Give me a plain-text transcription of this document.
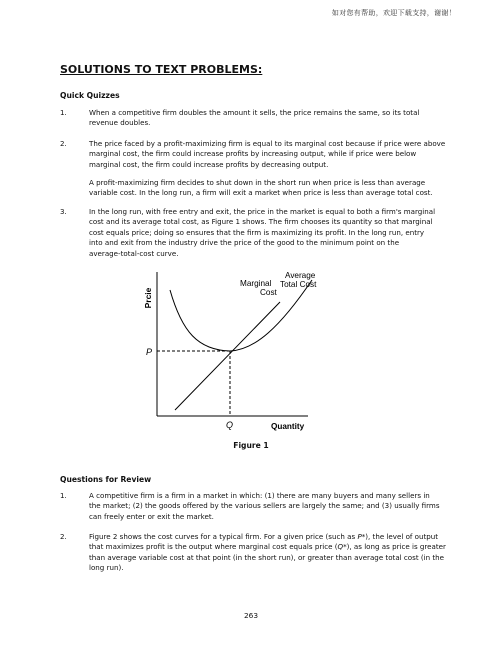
如对您有帮助，欢迎下载支持，谢谢！
SOLUTIONS TO TEXT PROBLEMS:
Quick Quizzes
1.	When a competitive firm doubles the amount it sells, the price remains the same, so its total
revenue doubles.
2.	The price faced by a profit-maximizing firm is equal to its marginal cost because if price were above
marginal cost, the firm could increase profits by increasing output, while if price were below
marginal cost, the firm could increase profits by decreasing output.
A profit-maximizing firm decides to shut down in the short run when price is less than average
variable cost. In the long run, a firm will exit a market when price is less than average total cost.
3.	In the long run, with free entry and exit, the price in the market is equal to both a firm's marginal
cost and its average total cost, as Figure 1 shows. The firm chooses its quantity so that marginal
cost equals price; doing so ensures that the firm is maximizing its profit. In the long run, entry
into and exit from the industry drive the price of the good to the minimum point on the
average-total-cost curve.
Prcie
Quantity
Marginal
Cost
Average
Total Cost
P
Q
Figure 1
Questions for Review
1.	A competitive firm is a firm in a market in which: (1) there are many buyers and many sellers in
the market; (2) the goods offered by the various sellers are largely the same; and (3) usually firms
can freely enter or exit the market.
2.	Figure 2 shows the cost curves for a typical firm. For a given price (such as P*), the level of output
that maximizes profit is the output where marginal cost equals price (Q*), as long as price is greater
than average variable cost at that point (in the short run), or greater than average total cost (in the
long run).
263
